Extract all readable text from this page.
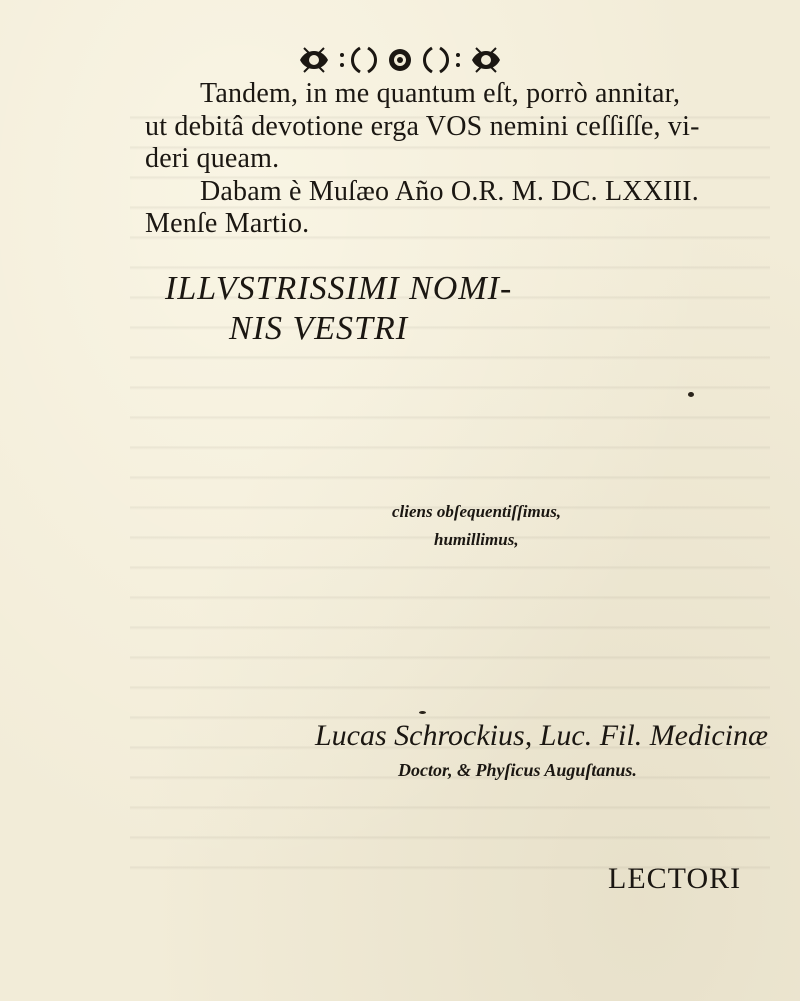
Tandem, in me quantum eſt, porrò annitar,
ut debitâ devotione erga VOS nemini ceſſiſſe, vi-
deri queam.
Dabam è Muſæo Año O.R. M. DC. LXXIII.
Menſe Martio.
ILLVSTRISSIMI NOMI-
NIS VESTRI
cliens obſequentiſſimus,
humillimus,
Lucas Schrockius, Luc. Fil. Medicinæ
Doctor, & Phyſicus Auguſtanus.
LECTORI
